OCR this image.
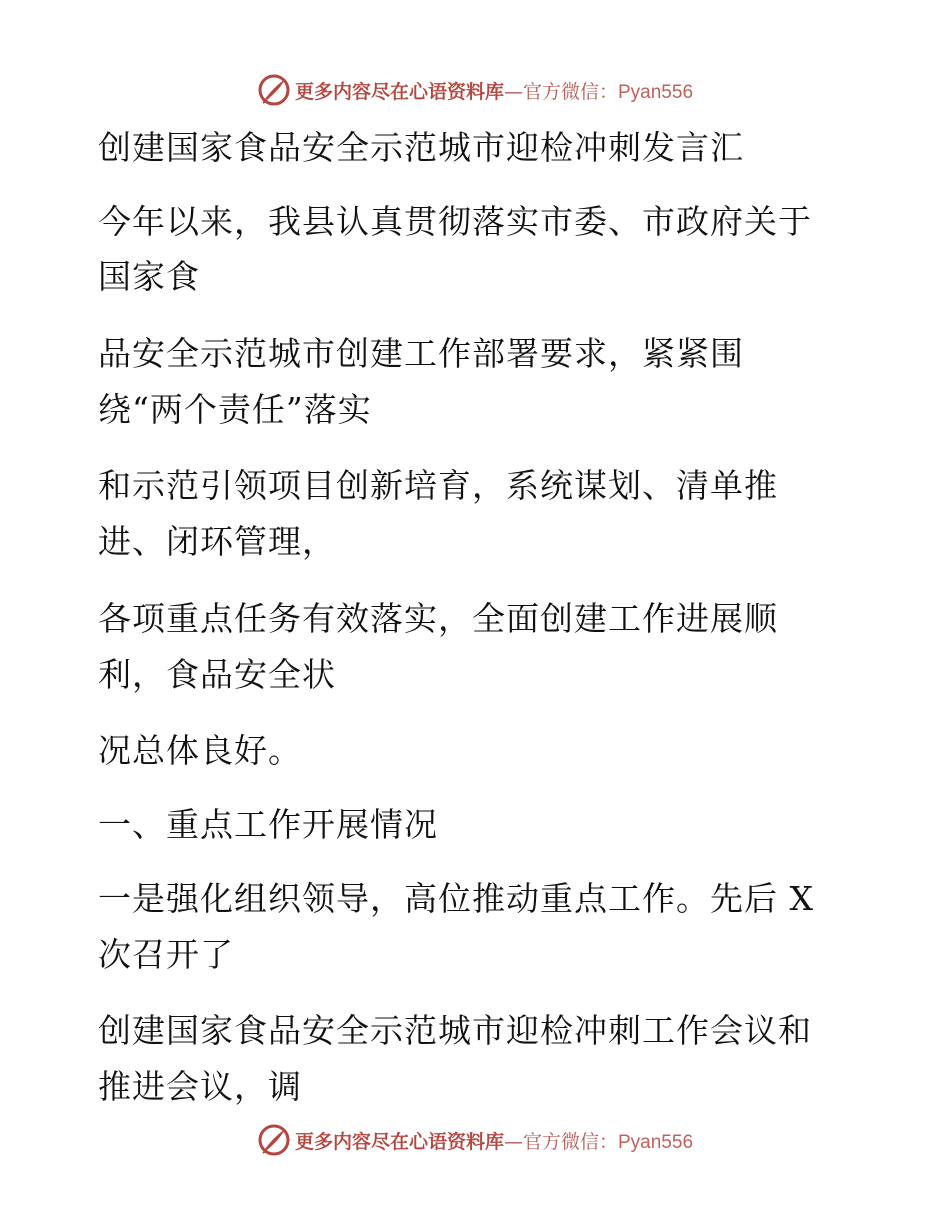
更多内容尽在心语资料库—官方微信：Pyan556
创建国家食品安全示范城市迎检冲刺发言汇
今年以来，我县认真贯彻落实市委、市政府关于
国家食
品安全示范城市创建工作部署要求，紧紧围
绕“两个责任”落实
和示范引领项目创新培育，系统谋划、清单推
进、闭环管理，
各项重点任务有效落实，全面创建工作进展顺
利，食品安全状
况总体良好。
一、重点工作开展情况
一是强化组织领导，高位推动重点工作。先后 X
次召开了
创建国家食品安全示范城市迎检冲刺工作会议和
推进会议，调
更多内容尽在心语资料库—官方微信：Pyan556
